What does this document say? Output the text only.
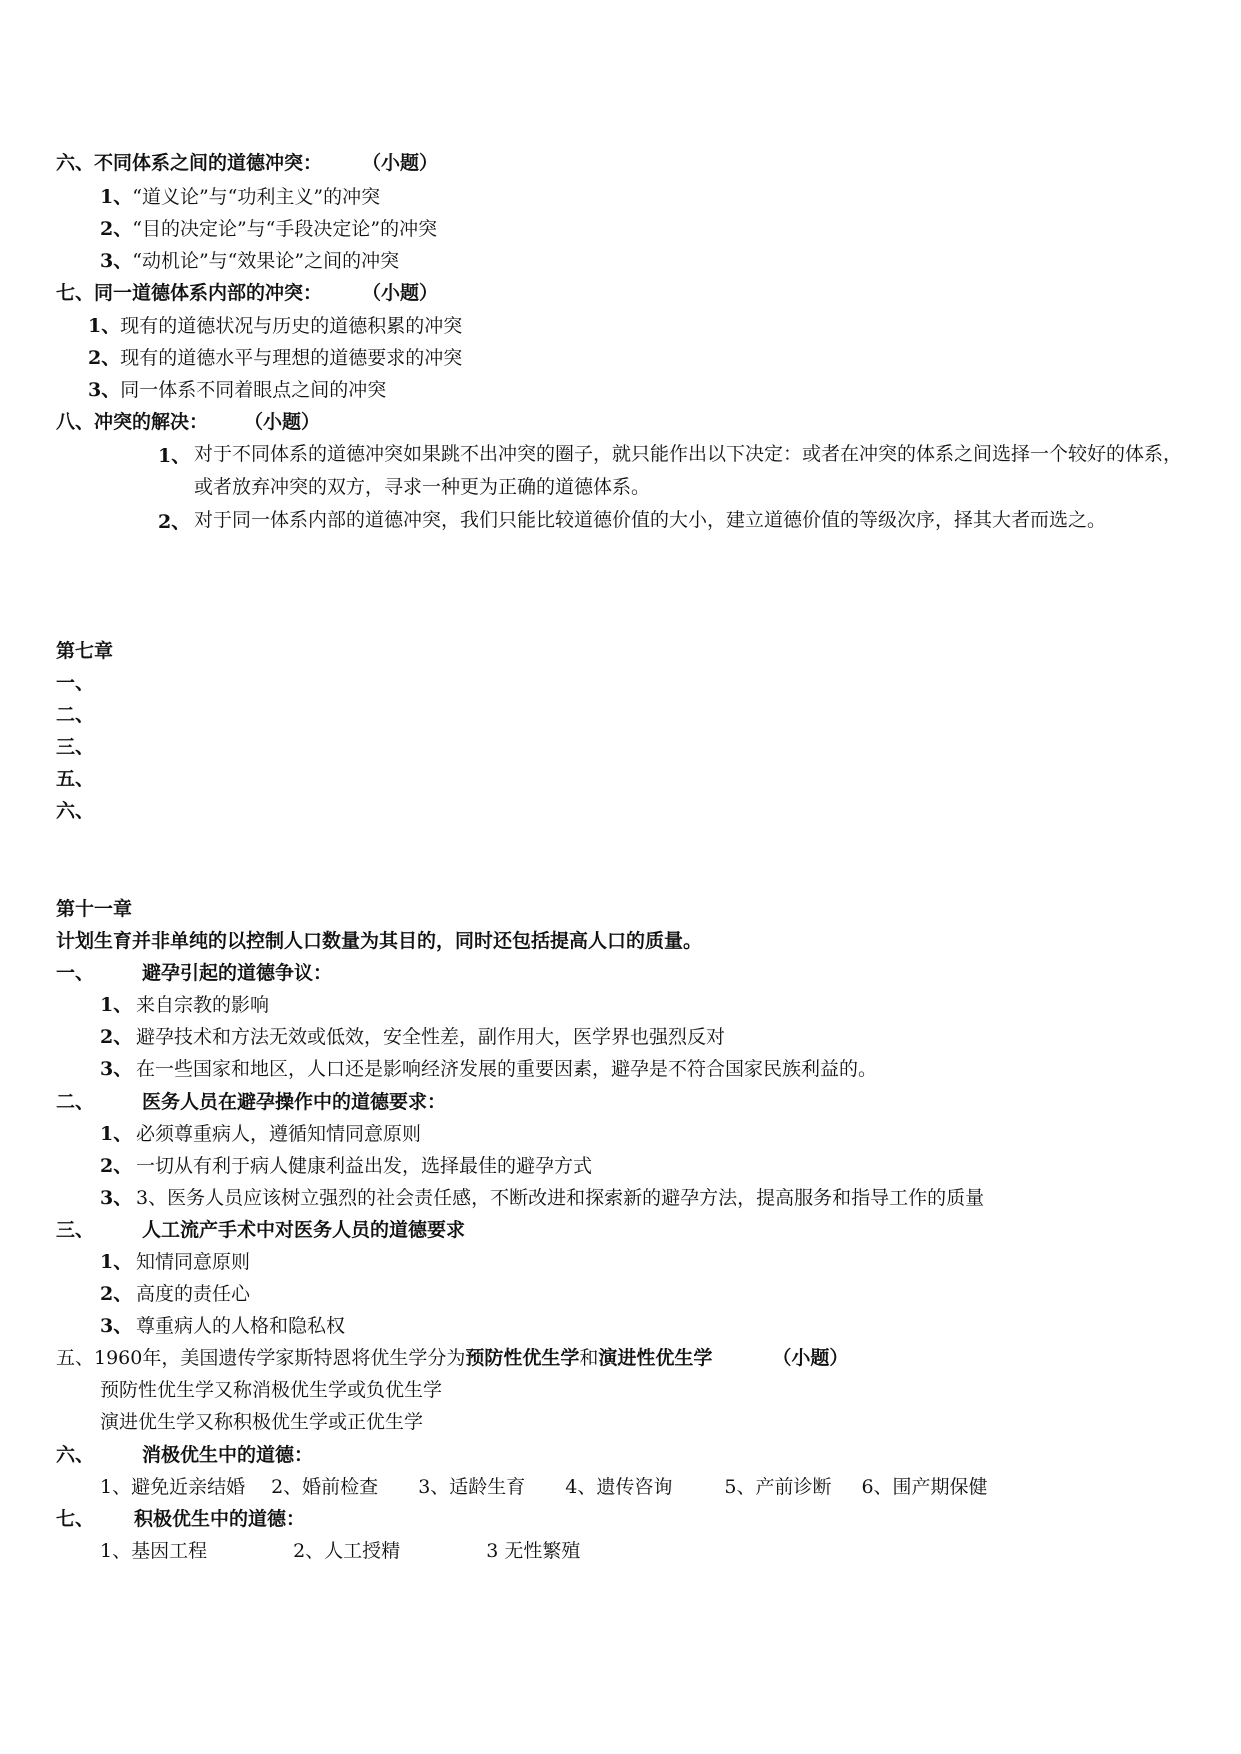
六、不同体系之间的道德冲突： （小题）
1、“道义论”与“功利主义”的冲突
2、“目的决定论”与“手段决定论”的冲突
3、“动机论”与“效果论”之间的冲突
七、同一道德体系内部的冲突： （小题）
1、现有的道德状况与历史的道德积累的冲突
2、现有的道德水平与理想的道德要求的冲突
3、同一体系不同着眼点之间的冲突
八、冲突的解决： （小题）
1、 对于不同体系的道德冲突如果跳不出冲突的圈子，就只能作出以下决定：或者在冲突的体系之间选择一个较好的体系，或者放弃冲突的双方，寻求一种更为正确的道德体系。
2、 对于同一体系内部的道德冲突，我们只能比较道德价值的大小，建立道德价值的等级次序，择其大者而选之。
第七章
一、
二、
三、
五、
六、
第十一章
计划生育并非单纯的以控制人口数量为其目的，同时还包括提高人口的质量。
一、	避孕引起的道德争议：
1、 来自宗教的影响
2、 避孕技术和方法无效或低效，安全性差，副作用大，医学界也强烈反对
3、 在一些国家和地区，人口还是影响经济发展的重要因素，避孕是不符合国家民族利益的。
二、	医务人员在避孕操作中的道德要求：
1、 必须尊重病人，遵循知情同意原则
2、 一切从有利于病人健康利益出发，选择最佳的避孕方式
3、 3、医务人员应该树立强烈的社会责任感，不断改进和探索新的避孕方法，提高服务和指导工作的质量
三、	人工流产手术中对医务人员的道德要求
1、 知情同意原则
2、 高度的责任心
3、 尊重病人的人格和隐私权
五、1960年，美国遗传学家斯特恩将优生学分为预防性优生学和演进性优生学	（小题）
预防性优生学又称消极优生学或负优生学
演进优生学又称积极优生学或正优生学
六、	消极优生中的道德：
1、避免近亲结婚 2、婚前检查 3、适龄生育 4、遗传咨询	5、产前诊断 6、围产期保健
七、 积极优生中的道德：
1、基因工程	2、人工授精	3 无性繁殖
